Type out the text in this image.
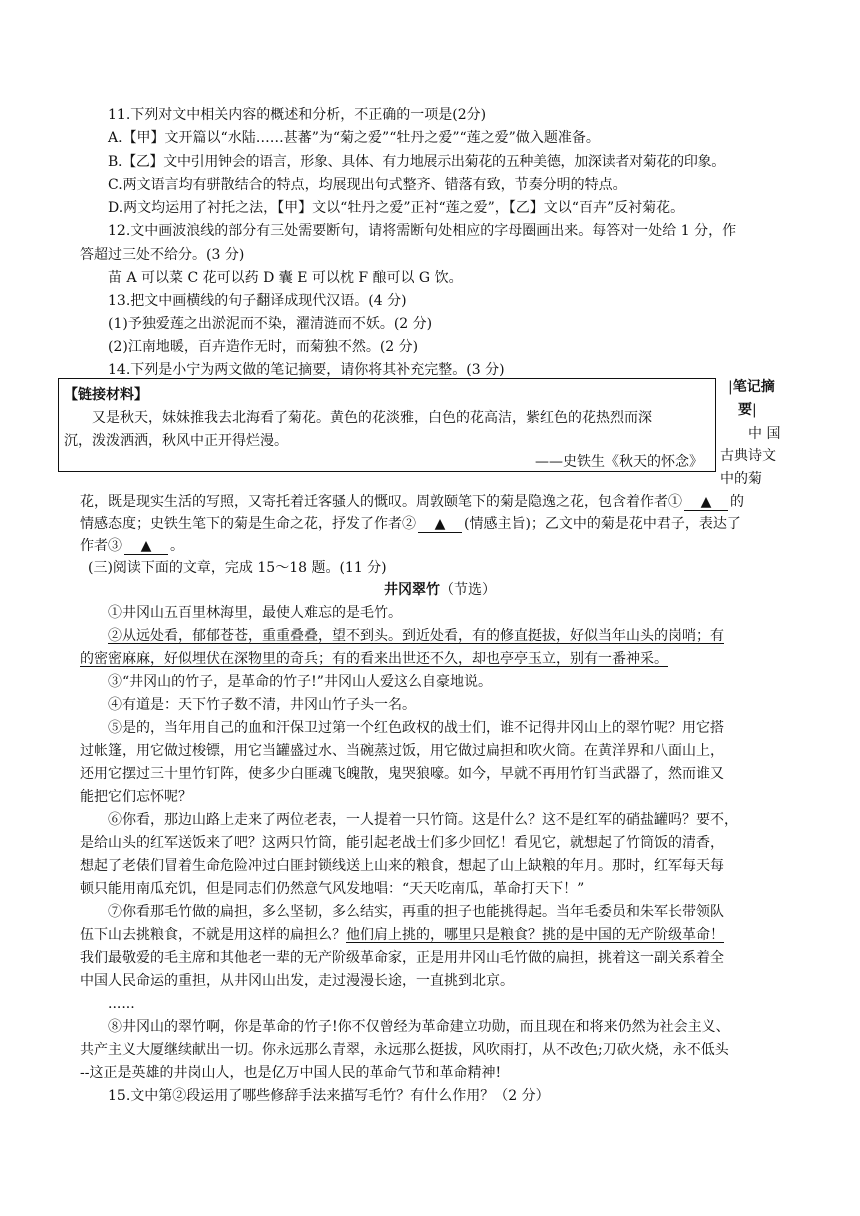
11.下列对文中相关内容的概述和分析，不正确的一项是(2分)
A.【甲】文开篇以“水陆……甚蕃”为“菊之爱”“牡丹之爱”“莲之爱”做入题准备。
B.【乙】文中引用钟会的语言，形象、具体、有力地展示出菊花的五种美德，加深读者对菊花的印象。
C.两文语言均有骈散结合的特点，均展现出句式整齐、错落有致，节奏分明的特点。
D.两文均运用了衬托之法，【甲】文以“牡丹之爱”正衬“莲之爱”，【乙】文以“百卉”反衬菊花。
12.文中画波浪线的部分有三处需要断句，请将需断句处相应的字母圈画出来。每答对一处给 1 分，作
答超过三处不给分。(3 分)
苗 A 可以菜 C 花可以药 D 囊 E 可以枕 F 酿可以 G 饮。
13.把文中画横线的句子翻译成现代汉语。(4 分)
(1)予独爱莲之出淤泥而不染，濯清涟而不妖。(2 分)
(2)江南地暖，百卉造作无时，而菊独不然。(2 分)
14.下列是小宁为两文做的笔记摘要，请你将其补充完整。(3 分)
【链接材料】
又是秋天，妹妹推我去北海看了菊花。黄色的花淡雅，白色的花高洁，紫红色的花热烈而深
沉，泼泼洒洒，秋风中正开得烂漫。
——史铁生《秋天的怀念》
|笔记摘
要|
中 国
古典诗文
中的菊
花，既是现实生活的写照，又寄托着迁客骚人的慨叹。周敦颐笔下的菊是隐逸之花，包含着作者① ▲ 的
情感态度；史铁生笔下的菊是生命之花，抒发了作者② ▲ (情感主旨)；乙文中的菊是花中君子，表达了
作者③ ▲ 。
(三)阅读下面的文章，完成 15～18 题。(11 分)
井冈翠竹（节选）
①井冈山五百里林海里，最使人难忘的是毛竹。
②从远处看，郁郁苍苍，重重叠叠，望不到头。到近处看，有的修直挺拔，好似当年山头的岗哨；有
的密密麻麻，好似埋伏在深物里的奇兵；有的看来出世还不久，却也亭亭玉立，别有一番神采。
③“井冈山的竹子，是革命的竹子!”井冈山人爱这么自豪地说。
④有道是：天下竹子数不清，井冈山竹子头一名。
⑤是的，当年用自己的血和汗保卫过第一个红色政权的战士们，谁不记得井冈山上的翠竹呢？用它搭
过帐篷，用它做过梭镖，用它当罐盛过水、当碗蒸过饭，用它做过扁担和吹火筒。在黄洋界和八面山上，
还用它摆过三十里竹钉阵，使多少白匪魂飞魄散，鬼哭狼嚎。如今，早就不再用竹钉当武器了，然而谁又
能把它们忘怀呢？
⑥你看，那边山路上走来了两位老表，一人提着一只竹筒。这是什么？这不是红军的硝盐罐吗？要不，
是给山头的红军送饭来了吧？这两只竹筒，能引起老战士们多少回忆！看见它，就想起了竹筒饭的清香，
想起了老俵们冒着生命危险冲过白匪封锁线送上山来的粮食，想起了山上缺粮的年月。那时，红军每天每
顿只能用南瓜充饥，但是同志们仍然意气风发地唱：“天天吃南瓜，革命打天下！”
⑦你看那毛竹做的扁担，多么坚韧，多么结实，再重的担子也能挑得起。当年毛委员和朱军长带领队
伍下山去挑粮食，不就是用这样的扁担么？他们肩上挑的，哪里只是粮食？挑的是中国的无产阶级革命！
我们最敬爱的毛主席和其他老一辈的无产阶级革命家，正是用井冈山毛竹做的扁担，挑着这一副关系着全
中国人民命运的重担，从井冈山出发，走过漫漫长途，一直挑到北京。
......
⑧井冈山的翠竹啊，你是革命的竹子!你不仅曾经为革命建立功勋，而且现在和将来仍然为社会主义、
共产主义大厦继续献出一切。你永远那么青翠，永远那么挺拔，风吹雨打，从不改色;刀砍火烧，永不低头
--这正是英雄的井岗山人，也是亿万中国人民的革命气节和革命精神!
15.文中第②段运用了哪些修辞手法来描写毛竹？有什么作用？（2 分）
